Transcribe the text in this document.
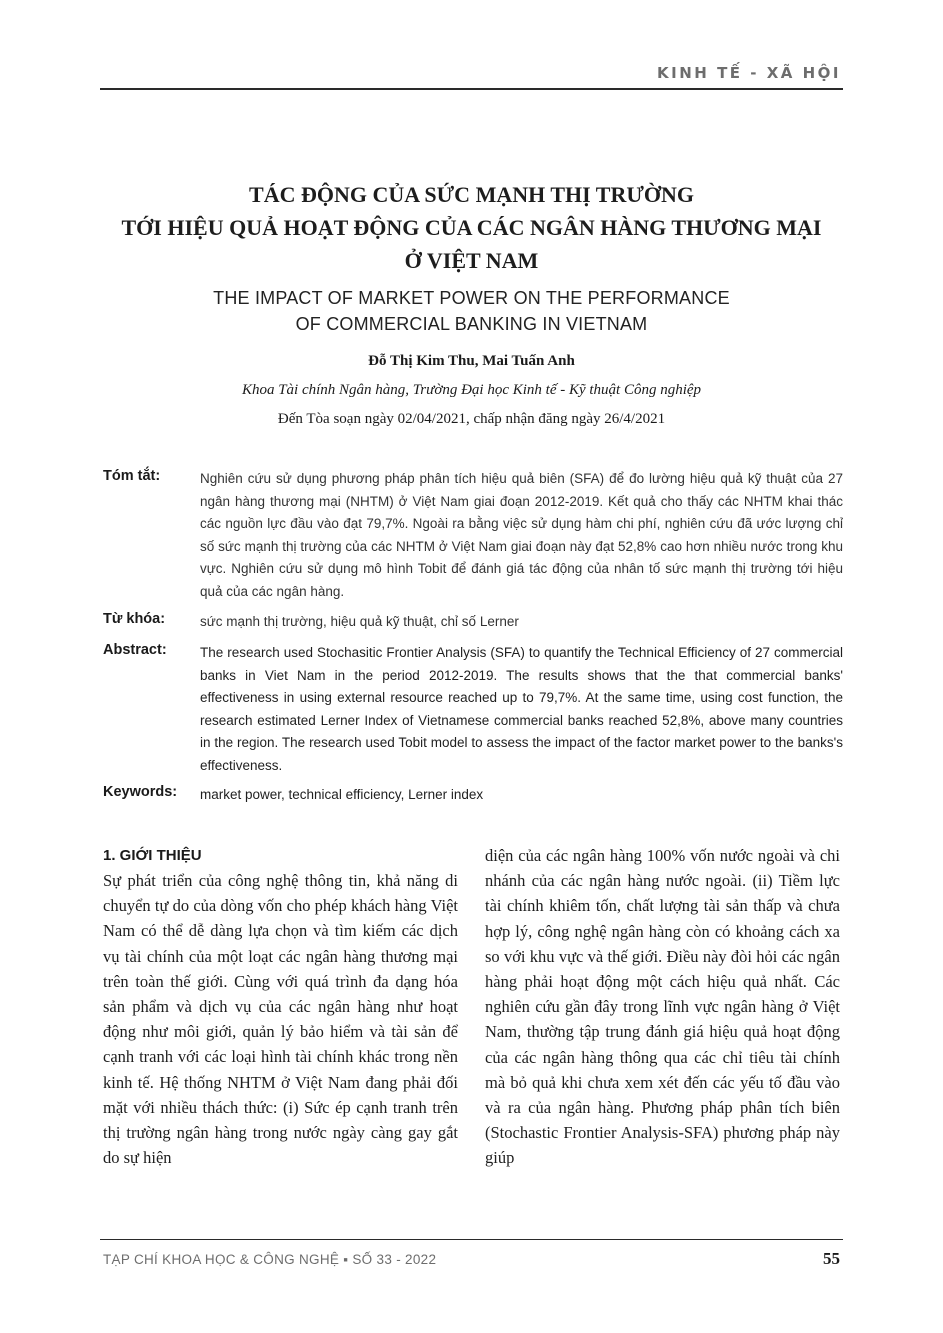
KINH TẾ - XÃ HỘI
TÁC ĐỘNG CỦA SỨC MẠNH THỊ TRƯỜNG
TỚI HIỆU QUẢ HOẠT ĐỘNG CỦA CÁC NGÂN HÀNG THƯƠNG MẠI
Ở VIỆT NAM
THE IMPACT OF MARKET POWER ON THE PERFORMANCE
OF COMMERCIAL BANKING IN VIETNAM
Đỗ Thị Kim Thu, Mai Tuấn Anh
Khoa Tài chính Ngân hàng, Trường Đại học Kinh tế - Kỹ thuật Công nghiệp
Đến Tòa soạn ngày 02/04/2021, chấp nhận đăng ngày 26/4/2021
Tóm tắt:	Nghiên cứu sử dụng phương pháp phân tích hiệu quả biên (SFA) để đo lường hiệu quả kỹ thuật của 27 ngân hàng thương mại (NHTM) ở Việt Nam giai đoạn 2012-2019. Kết quả cho thấy các NHTM khai thác các nguồn lực đầu vào đạt 79,7%. Ngoài ra bằng việc sử dụng hàm chi phí, nghiên cứu đã ước lượng chỉ số sức mạnh thị trường của các NHTM ở Việt Nam giai đoạn này đạt 52,8% cao hơn nhiều nước trong khu vực. Nghiên cứu sử dụng mô hình Tobit để đánh giá tác động của nhân tố sức mạnh thị trường tới hiệu quả của các ngân hàng.
Từ khóa:	sức mạnh thị trường, hiệu quả kỹ thuật, chỉ số Lerner
Abstract: The research used Stochasitic Frontier Analysis (SFA) to quantify the Technical Efficiency of 27 commercial banks in Viet Nam in the period 2012-2019. The results shows that the that commercial banks' effectiveness in using external resource reached up to 79,7%. At the same time, using cost function, the research estimated Lerner Index of Vietnamese commercial banks reached 52,8%, above many countries in the region. The research used Tobit model to assess the impact of the factor market power to the banks's effectiveness.
Keywords: market power, technical efficiency, Lerner index
1. GIỚI THIỆU

Sự phát triển của công nghệ thông tin, khả năng di chuyển tự do của dòng vốn cho phép khách hàng Việt Nam có thể dễ dàng lựa chọn và tìm kiếm các dịch vụ tài chính của một loạt các ngân hàng thương mại trên toàn thế giới. Cùng với quá trình đa dạng hóa sản phẩm và dịch vụ của các ngân hàng như hoạt động như môi giới, quản lý bảo hiểm và tài sản để cạnh tranh với các loại hình tài chính khác trong nền kinh tế. Hệ thống NHTM ở Việt Nam đang phải đối mặt với nhiều thách thức: (i) Sức ép cạnh tranh trên thị trường ngân hàng trong nước ngày càng gay gắt do sự hiện

diện của các ngân hàng 100% vốn nước ngoài và chi nhánh của các ngân hàng nước ngoài. (ii) Tiềm lực tài chính khiêm tốn, chất lượng tài sản thấp và chưa hợp lý, công nghệ ngân hàng còn có khoảng cách xa so với khu vực và thế giới. Điều này đòi hỏi các ngân hàng phải hoạt động một cách hiệu quả nhất. Các nghiên cứu gần đây trong lĩnh vực ngân hàng ở Việt Nam, thường tập trung đánh giá hiệu quả hoạt động của các ngân hàng thông qua các chỉ tiêu tài chính mà bỏ quả khi chưa xem xét đến các yếu tố đầu vào và ra của ngân hàng. Phương pháp phân tích biên (Stochastic Frontier Analysis-SFA) phương pháp này giúp

TẠP CHÍ KHOA HỌC & CÔNG NGHỆ ▪ SỐ 33 - 2022	55
